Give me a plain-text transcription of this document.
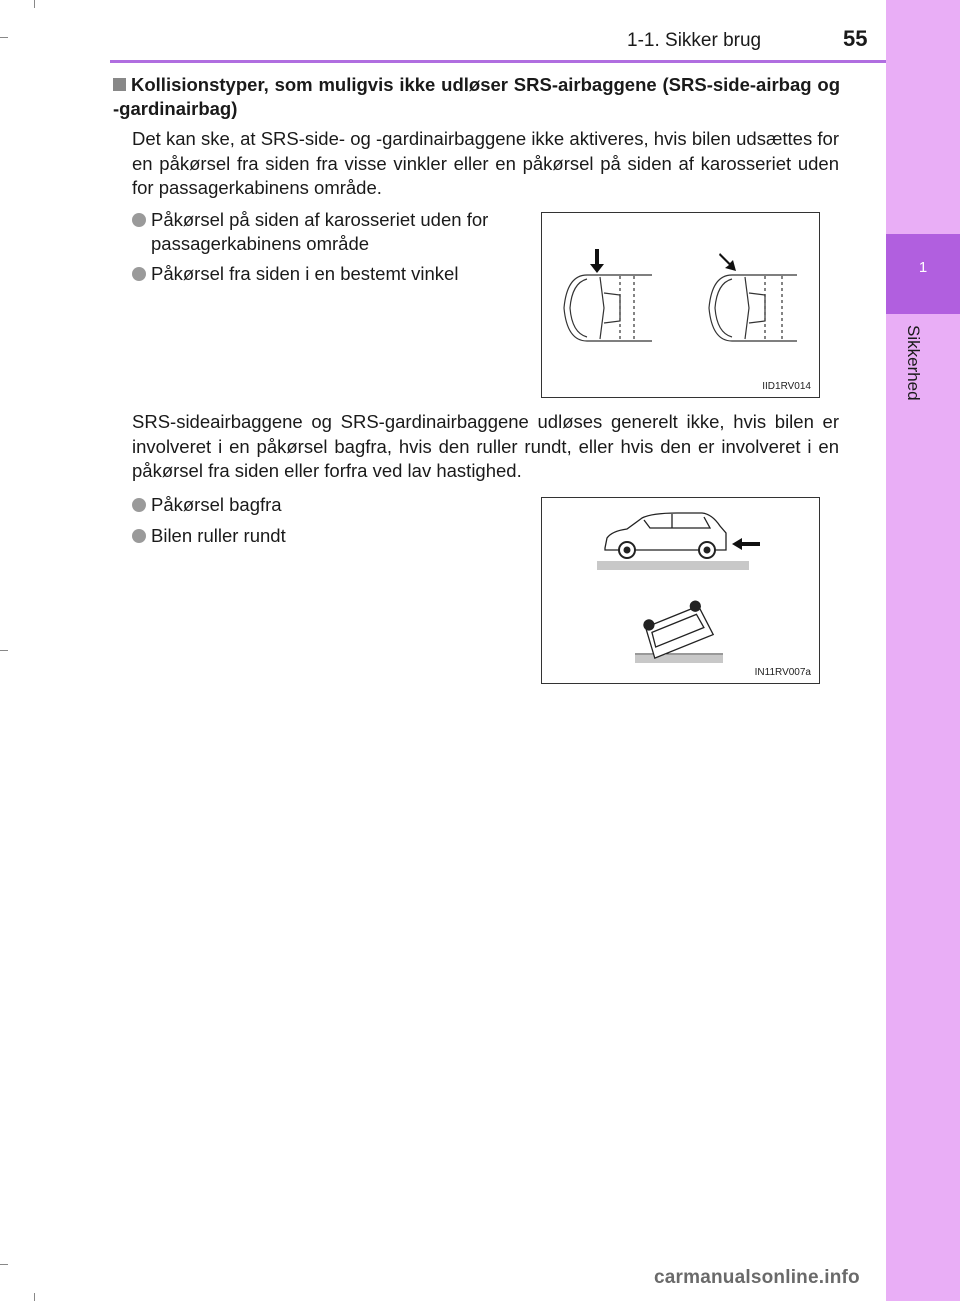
1
Sikkerhed
1-1. Sikker brug	55
Kollisionstyper, som muligvis ikke udløser SRS-airbaggene (SRS-side-airbag og -gardinairbag)
Det kan ske, at SRS-side- og -gardinairbaggene ikke aktiveres, hvis bilen udsættes for en påkørsel fra siden fra visse vinkler eller en påkørsel på siden af karosseriet uden for passagerkabinens område.
Påkørsel på siden af karosseriet uden for passagerkabinens område
Påkørsel fra siden i en bestemt vinkel
IID1RV014
SRS-sideairbaggene og SRS-gardinairbaggene udløses generelt ikke, hvis bilen er involveret i en påkørsel bagfra, hvis den ruller rundt, eller hvis den er involveret i en påkørsel fra siden eller forfra ved lav hastighed.
Påkørsel bagfra
Bilen ruller rundt
IN11RV007a
carmanualsonline.info
